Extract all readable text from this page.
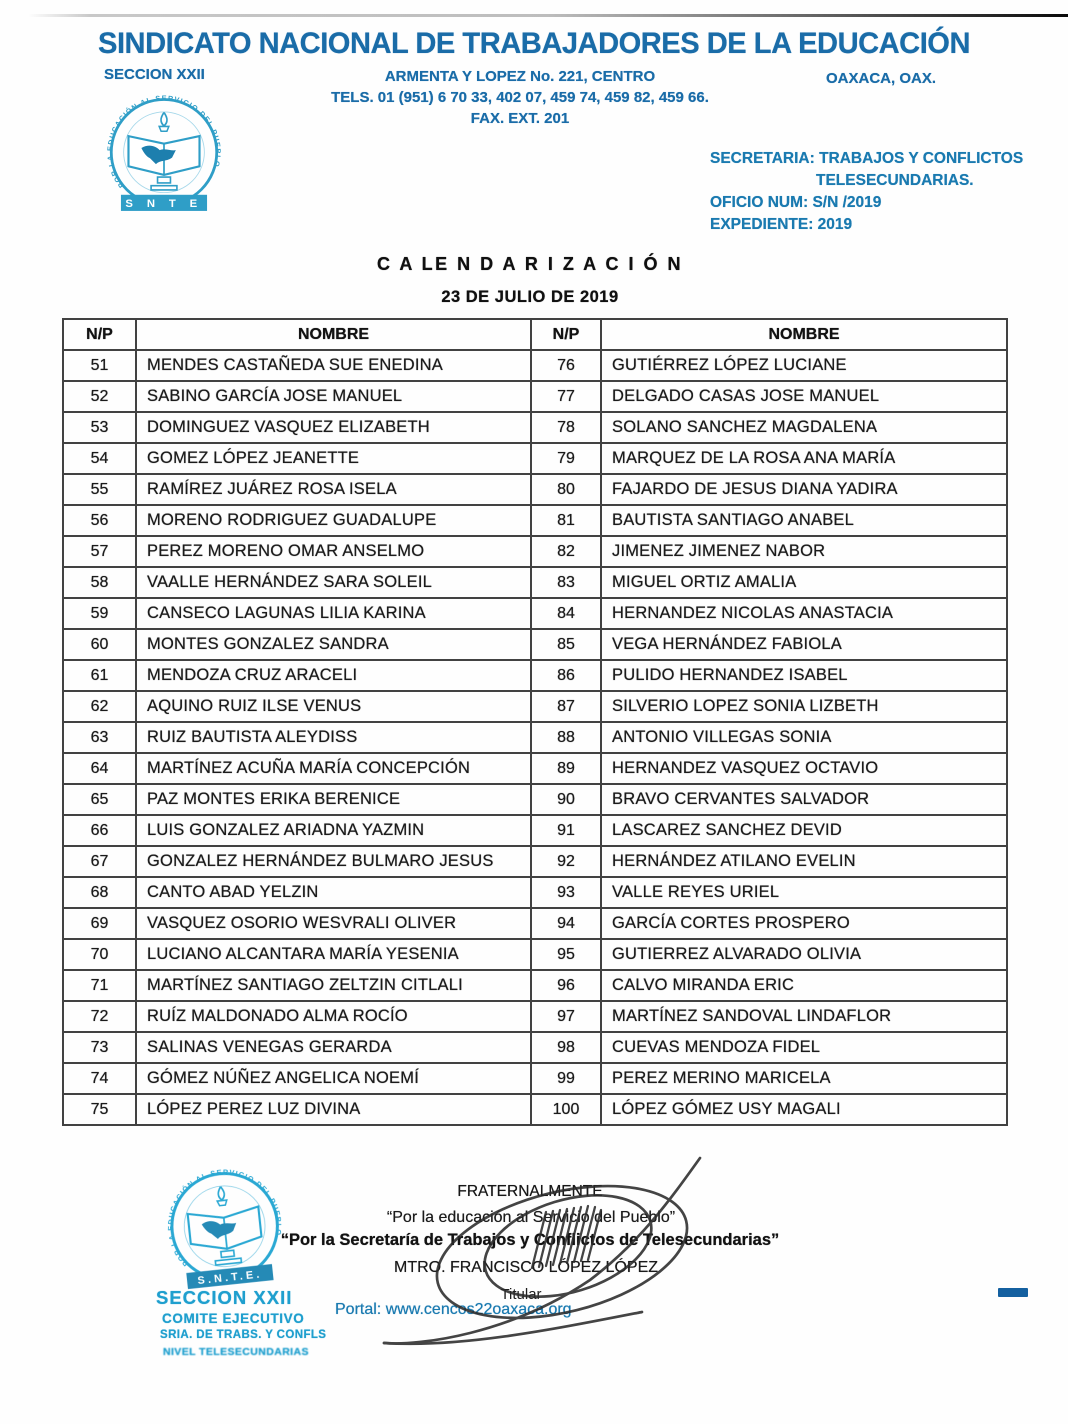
SINDICATO NACIONAL DE TRABAJADORES DE LA EDUCACIÓN
SECCION XXII	ARMENTA Y LOPEZ No. 221, CENTRO
TELS. 01 (951) 6 70 33, 402 07, 459 74, 459 82, 459 66.
FAX. EXT. 201
OAXACA, OAX.
POR LA EDUCACIÓN AL SERVICIO DEL PUEBLO
S N T E
SECRETARIA: TRABAJOS Y CONFLICTOS
TELESECUNDARIAS.
OFICIO NUM: S/N /2019
EXPEDIENTE: 2019
C A LE N D A R I Z A C I Ó N
23 DE JULIO DE 2019
N/P	NOMBRE	N/P	NOMBRE
51	MENDES CASTAÑEDA SUE ENEDINA	76	GUTIÉRREZ LÓPEZ LUCIANE
52	SABINO GARCÍA JOSE MANUEL	77	DELGADO CASAS JOSE MANUEL
53	DOMINGUEZ VASQUEZ ELIZABETH	78	SOLANO SANCHEZ MAGDALENA
54	GOMEZ LÓPEZ JEANETTE	79	MARQUEZ DE LA ROSA ANA MARÍA
55	RAMÍREZ JUÁREZ ROSA ISELA	80	FAJARDO DE JESUS DIANA YADIRA
56	MORENO RODRIGUEZ GUADALUPE	81	BAUTISTA SANTIAGO ANABEL
57	PEREZ MORENO OMAR ANSELMO	82	JIMENEZ JIMENEZ NABOR
58	VAALLE HERNÁNDEZ SARA SOLEIL	83	MIGUEL ORTIZ AMALIA
59	CANSECO LAGUNAS LILIA KARINA	84	HERNANDEZ NICOLAS ANASTACIA
60	MONTES GONZALEZ SANDRA	85	VEGA HERNÁNDEZ FABIOLA
61	MENDOZA CRUZ ARACELI	86	PULIDO HERNANDEZ ISABEL
62	AQUINO RUIZ ILSE VENUS	87	SILVERIO LOPEZ SONIA LIZBETH
63	RUIZ BAUTISTA ALEYDISS	88	ANTONIO VILLEGAS SONIA
64	MARTÍNEZ ACUÑA MARÍA CONCEPCIÓN	89	HERNANDEZ VASQUEZ OCTAVIO
65	PAZ MONTES ERIKA BERENICE	90	BRAVO CERVANTES SALVADOR
66	LUIS GONZALEZ ARIADNA YAZMIN	91	LASCAREZ SANCHEZ DEVID
67	GONZALEZ HERNÁNDEZ BULMARO JESUS	92	HERNÁNDEZ ATILANO EVELIN
68	CANTO ABAD YELZIN	93	VALLE REYES URIEL
69	VASQUEZ OSORIO WESVRALI OLIVER	94	GARCÍA CORTES PROSPERO
70	LUCIANO ALCANTARA MARÍA YESENIA	95	GUTIERREZ ALVARADO OLIVIA
71	MARTÍNEZ SANTIAGO ZELTZIN CITLALI	96	CALVO MIRANDA ERIC
72	RUÍZ MALDONADO ALMA ROCÍO	97	MARTÍNEZ SANDOVAL LINDAFLOR
73	SALINAS VENEGAS GERARDA	98	CUEVAS MENDOZA FIDEL
74	GÓMEZ NÚÑEZ ANGELICA NOEMÍ	99	PEREZ MERINO MARICELA
75	LÓPEZ PEREZ LUZ DIVINA	100	LÓPEZ GÓMEZ USY MAGALI
FRATERNALMENTE
“Por la educación al Servicio del Pueblo”
“Por la Secretaría de Trabajos y Conflictos de Telesecundarias”
MTRO. FRANCISCO LÓPEZ LÓPEZ
Titular
Portal: www.cencos22oaxaca.org
POR LA EDUCACIÓN AL SERVICIO DEL PUEBLO
S.N.T.E.
SECCION XXII
COMITE EJECUTIVO
SRIA. DE TRABS. Y CONFLS
NIVEL TELESECUNDARIAS
